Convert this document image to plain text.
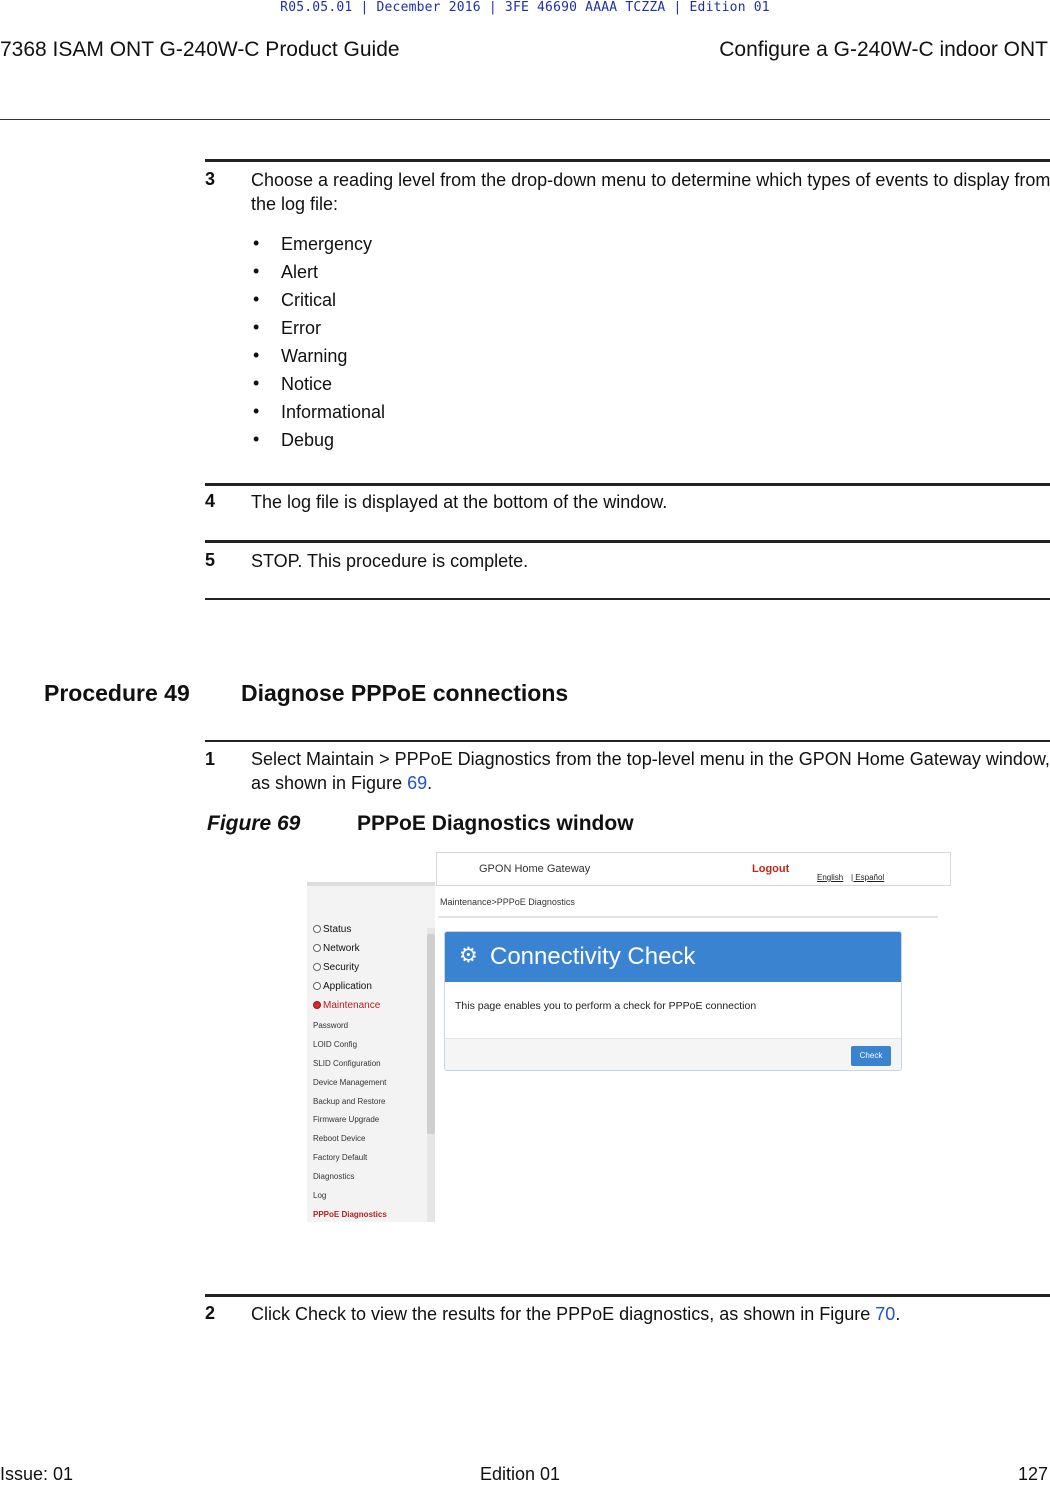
R05.05.01 | December 2016 | 3FE 46690 AAAA TCZZA | Edition 01
7368 ISAM ONT G-240W-C Product Guide	Configure a G-240W-C indoor ONT
3 Choose a reading level from the drop-down menu to determine which types of events to display from the log file:
• Emergency
• Alert
• Critical
• Error
• Warning
• Notice
• Informational
• Debug
4 The log file is displayed at the bottom of the window.
5 STOP. This procedure is complete.
Procedure 49 Diagnose PPPoE connections
1 Select Maintain > PPPoE Diagnostics from the top-level menu in the GPON Home Gateway window, as shown in Figure 69.
Figure 69	PPPoE Diagnostics window
GPON Home Gateway	Logout
English | Español
Status
Network
Security
Application
Maintenance
Password
LOID Config
SLID Configuration
Device Management
Backup and Restore
Firmware Upgrade
Reboot Device
Factory Default
Diagnostics
Log
PPPoE Diagnostics
Maintenance>PPPoE Diagnostics
⚙ Connectivity Check
This page enables you to perform a check for PPPoE connection
Check
2 Click Check to view the results for the PPPoE diagnostics, as shown in Figure 70.
Issue: 01	Edition 01	127
